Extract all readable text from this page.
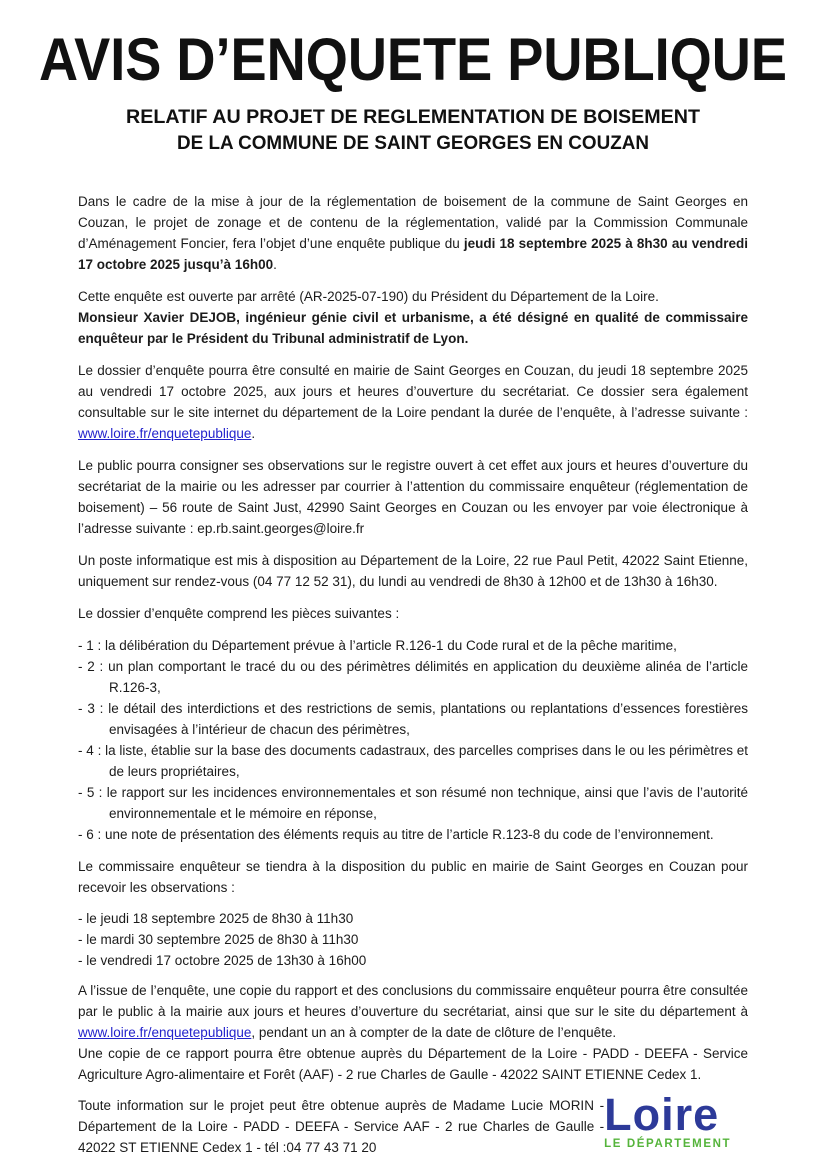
AVIS D’ENQUETE PUBLIQUE
RELATIF AU PROJET DE REGLEMENTATION DE BOISEMENT
DE LA COMMUNE DE SAINT GEORGES EN COUZAN
Dans le cadre de la mise à jour de la réglementation de boisement de la commune de Saint Georges en Couzan, le projet de zonage et de contenu de la réglementation, validé par la Commission Communale d’Aménagement Foncier, fera l’objet d’une enquête publique du jeudi 18 septembre 2025 à 8h30 au vendredi 17 octobre 2025 jusqu’à 16h00.
Cette enquête est ouverte par arrêté (AR-2025-07-190) du Président du Département de la Loire.
Monsieur Xavier DEJOB, ingénieur génie civil et urbanisme, a été désigné en qualité de commissaire enquêteur par le Président du Tribunal administratif de Lyon.
Le dossier d’enquête pourra être consulté en mairie de Saint Georges en Couzan, du jeudi 18 septembre 2025 au vendredi 17 octobre 2025, aux jours et heures d’ouverture du secrétariat. Ce dossier sera également consultable sur le site internet du département de la Loire pendant la durée de l’enquête, à l’adresse suivante : www.loire.fr/enquetepublique.
Le public pourra consigner ses observations sur le registre ouvert à cet effet aux jours et heures d’ouverture du secrétariat de la mairie ou les adresser par courrier à l’attention du commissaire enquêteur (réglementation de boisement) – 56 route de Saint Just, 42990 Saint Georges en Couzan ou les envoyer par voie électronique à l’adresse suivante : ep.rb.saint.georges@loire.fr
Un poste informatique est mis à disposition au Département de la Loire, 22 rue Paul Petit, 42022 Saint Etienne, uniquement sur rendez-vous (04 77 12 52 31), du lundi au vendredi de 8h30 à 12h00 et de 13h30 à 16h30.
Le dossier d’enquête comprend les pièces suivantes :
- 1 : la délibération du Département prévue à l’article R.126-1 du Code rural et de la pêche maritime,
- 2 : un plan comportant le tracé du ou des périmètres délimités en application du deuxième alinéa de l’article R.126-3,
- 3 : le détail des interdictions et des restrictions de semis, plantations ou replantations d’essences forestières envisagées à l’intérieur de chacun des périmètres,
- 4 : la liste, établie sur la base des documents cadastraux, des parcelles comprises dans le ou les périmètres et de leurs propriétaires,
- 5 : le rapport sur les incidences environnementales et son résumé non technique, ainsi que l’avis de l’autorité environnementale et le mémoire en réponse,
- 6 : une note de présentation des éléments requis au titre de l’article R.123-8 du code de l’environnement.
Le commissaire enquêteur se tiendra à la disposition du public en mairie de Saint Georges en Couzan pour recevoir les observations :
- le jeudi 18 septembre 2025 de 8h30 à 11h30
- le mardi 30 septembre 2025 de 8h30 à 11h30
- le vendredi 17 octobre 2025 de 13h30 à 16h00
A l’issue de l’enquête, une copie du rapport et des conclusions du commissaire enquêteur pourra être consultée par le public à la mairie aux jours et heures d’ouverture du secrétariat, ainsi que sur le site du département à www.loire.fr/enquetepublique, pendant un an à compter de la date de clôture de l’enquête.
Une copie de ce rapport pourra être obtenue auprès du Département de la Loire - PADD - DEEFA - Service Agriculture Agro-alimentaire et Forêt (AAF) - 2 rue Charles de Gaulle - 42022 SAINT ETIENNE Cedex 1.
Toute information sur le projet peut être obtenue auprès de Madame Lucie MORIN - Département de la Loire - PADD - DEEFA - Service AAF - 2 rue Charles de Gaulle - 42022 ST ETIENNE Cedex 1 - tél :04 77 43 71 20
Loire
LE DÉPARTEMENT
